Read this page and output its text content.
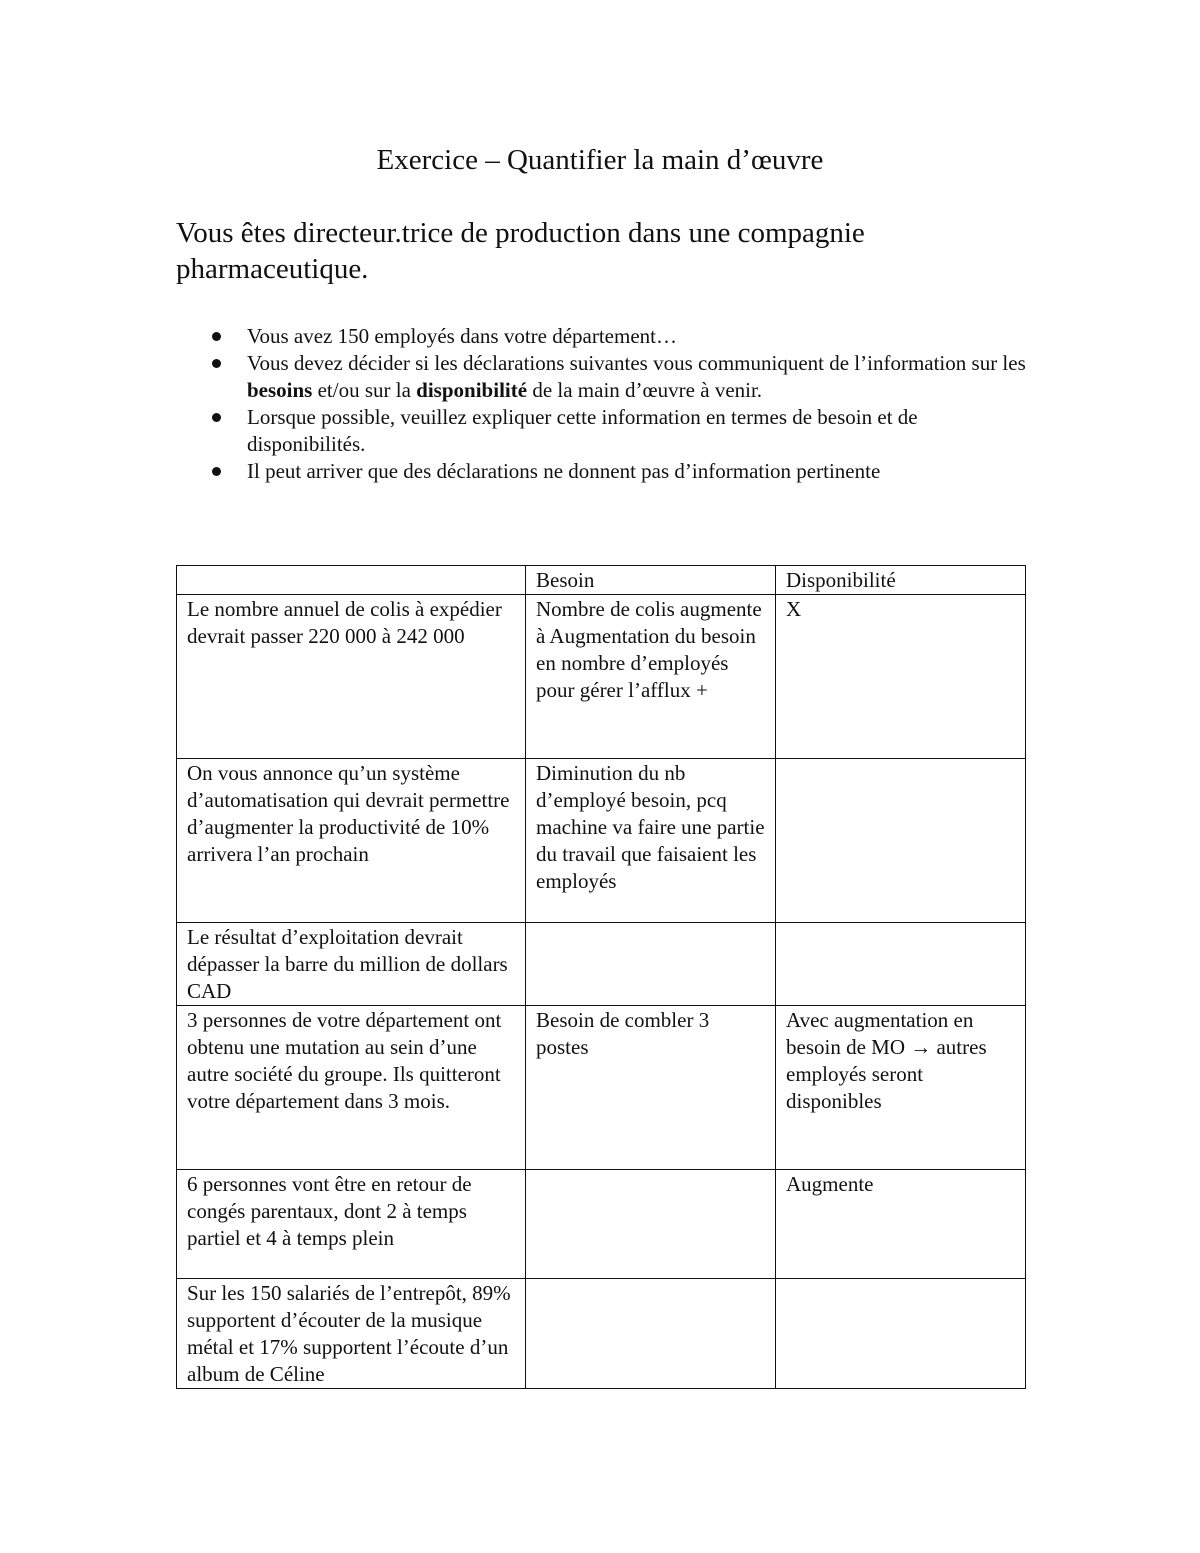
Exercice – Quantifier la main d’œuvre

Vous êtes directeur.trice de production dans une compagnie pharmaceutique.

Vous avez 150 employés dans votre département…
Vous devez décider si les déclarations suivantes vous communiquent de l’information sur les besoins et/ou sur la disponibilité de la main d’œuvre à venir.
Lorsque possible, veuillez expliquer cette information en termes de besoin et de disponibilités.
Il peut arriver que des déclarations ne donnent pas d’information pertinente
	Besoin	Disponibilité
Le nombre annuel de colis à expédier devrait passer 220 000 à 242 000	Nombre de colis augmente à Augmentation du besoin en nombre d’employés pour gérer l’afflux +	X
On vous annonce qu’un système d’automatisation qui devrait permettre d’augmenter la productivité de 10% arrivera l’an prochain	Diminution du nb d’employé besoin, pcq machine va faire une partie du travail que faisaient les employés	
Le résultat d’exploitation devrait dépasser la barre du million de dollars CAD		
3 personnes de votre département ont obtenu une mutation au sein d’une autre société du groupe. Ils quitteront votre département dans 3 mois.	Besoin de combler 3 postes	Avec augmentation en besoin de MO → autres employés seront disponibles
6 personnes vont être en retour de congés parentaux, dont 2 à temps partiel et 4 à temps plein		Augmente
Sur les 150 salariés de l’entrepôt, 89% supportent d’écouter de la musique métal et 17% supportent l’écoute d’un album de Céline		
